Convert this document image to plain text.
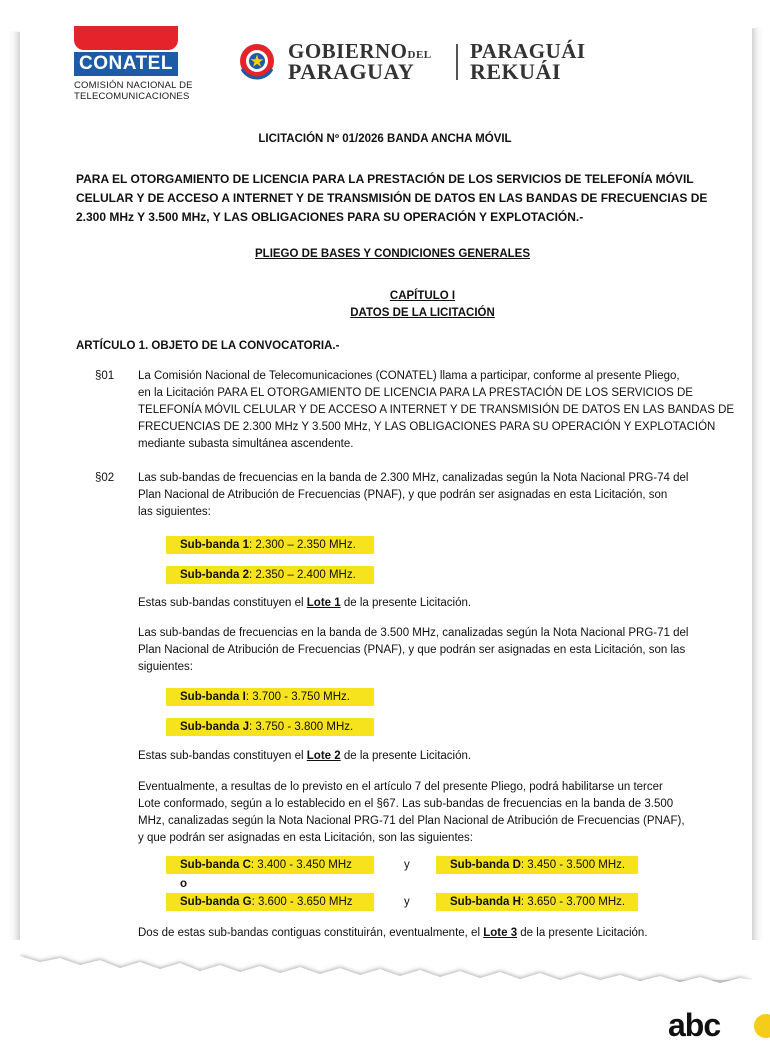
CONATEL
COMISIÓN NACIONAL DE
TELECOMUNICACIONES
GOBIERNODEL
PARAGUAY
PARAGUÁI
REKUÁI
LICITACIÓN Nº 01/2026 BANDA ANCHA MÓVIL
PARA EL OTORGAMIENTO DE LICENCIA PARA LA PRESTACIÓN DE LOS SERVICIOS DE TELEFONÍA MÓVIL
CELULAR Y DE ACCESO A INTERNET Y DE TRANSMISIÓN DE DATOS EN LAS BANDAS DE FRECUENCIAS DE
2.300 MHz Y 3.500 MHz, Y LAS OBLIGACIONES PARA SU OPERACIÓN Y EXPLOTACIÓN.-
PLIEGO DE BASES Y CONDICIONES GENERALES
CAPÍTULO I
DATOS DE LA LICITACIÓN
ARTÍCULO 1. OBJETO DE LA CONVOCATORIA.-
§01 La Comisión Nacional de Telecomunicaciones (CONATEL) llama a participar, conforme al presente Pliego,
en la Licitación PARA EL OTORGAMIENTO DE LICENCIA PARA LA PRESTACIÓN DE LOS SERVICIOS DE
TELEFONÍA MÓVIL CELULAR Y DE ACCESO A INTERNET Y DE TRANSMISIÓN DE DATOS EN LAS BANDAS DE
FRECUENCIAS DE 2.300 MHz Y 3.500 MHz, Y LAS OBLIGACIONES PARA SU OPERACIÓN Y EXPLOTACIÓN
mediante subasta simultánea ascendente.
§02 Las sub-bandas de frecuencias en la banda de 2.300 MHz, canalizadas según la Nota Nacional PRG-74 del
Plan Nacional de Atribución de Frecuencias (PNAF), y que podrán ser asignadas en esta Licitación, son
las siguientes:
Sub-banda 1: 2.300 – 2.350 MHz.
Sub-banda 2: 2.350 – 2.400 MHz.
Estas sub-bandas constituyen el Lote 1 de la presente Licitación.
Las sub-bandas de frecuencias en la banda de 3.500 MHz, canalizadas según la Nota Nacional PRG-71 del
Plan Nacional de Atribución de Frecuencias (PNAF), y que podrán ser asignadas en esta Licitación, son las
siguientes:
Sub-banda I: 3.700 - 3.750 MHz.
Sub-banda J: 3.750 - 3.800 MHz.
Estas sub-bandas constituyen el Lote 2 de la presente Licitación.
Eventualmente, a resultas de lo previsto en el artículo 7 del presente Pliego, podrá habilitarse un tercer
Lote conformado, según a lo establecido en el §67. Las sub-bandas de frecuencias en la banda de 3.500
MHz, canalizadas según la Nota Nacional PRG-71 del Plan Nacional de Atribución de Frecuencias (PNAF),
y que podrán ser asignadas en esta Licitación, son las siguientes:
Sub-banda C: 3.400 - 3.450 MHz	y	Sub-banda D: 3.450 - 3.500 MHz.
o
Sub-banda G: 3.600 - 3.650 MHz	y	Sub-banda H: 3.650 - 3.700 MHz.
Dos de estas sub-bandas contiguas constituirán, eventualmente, el Lote 3 de la presente Licitación.
abc
